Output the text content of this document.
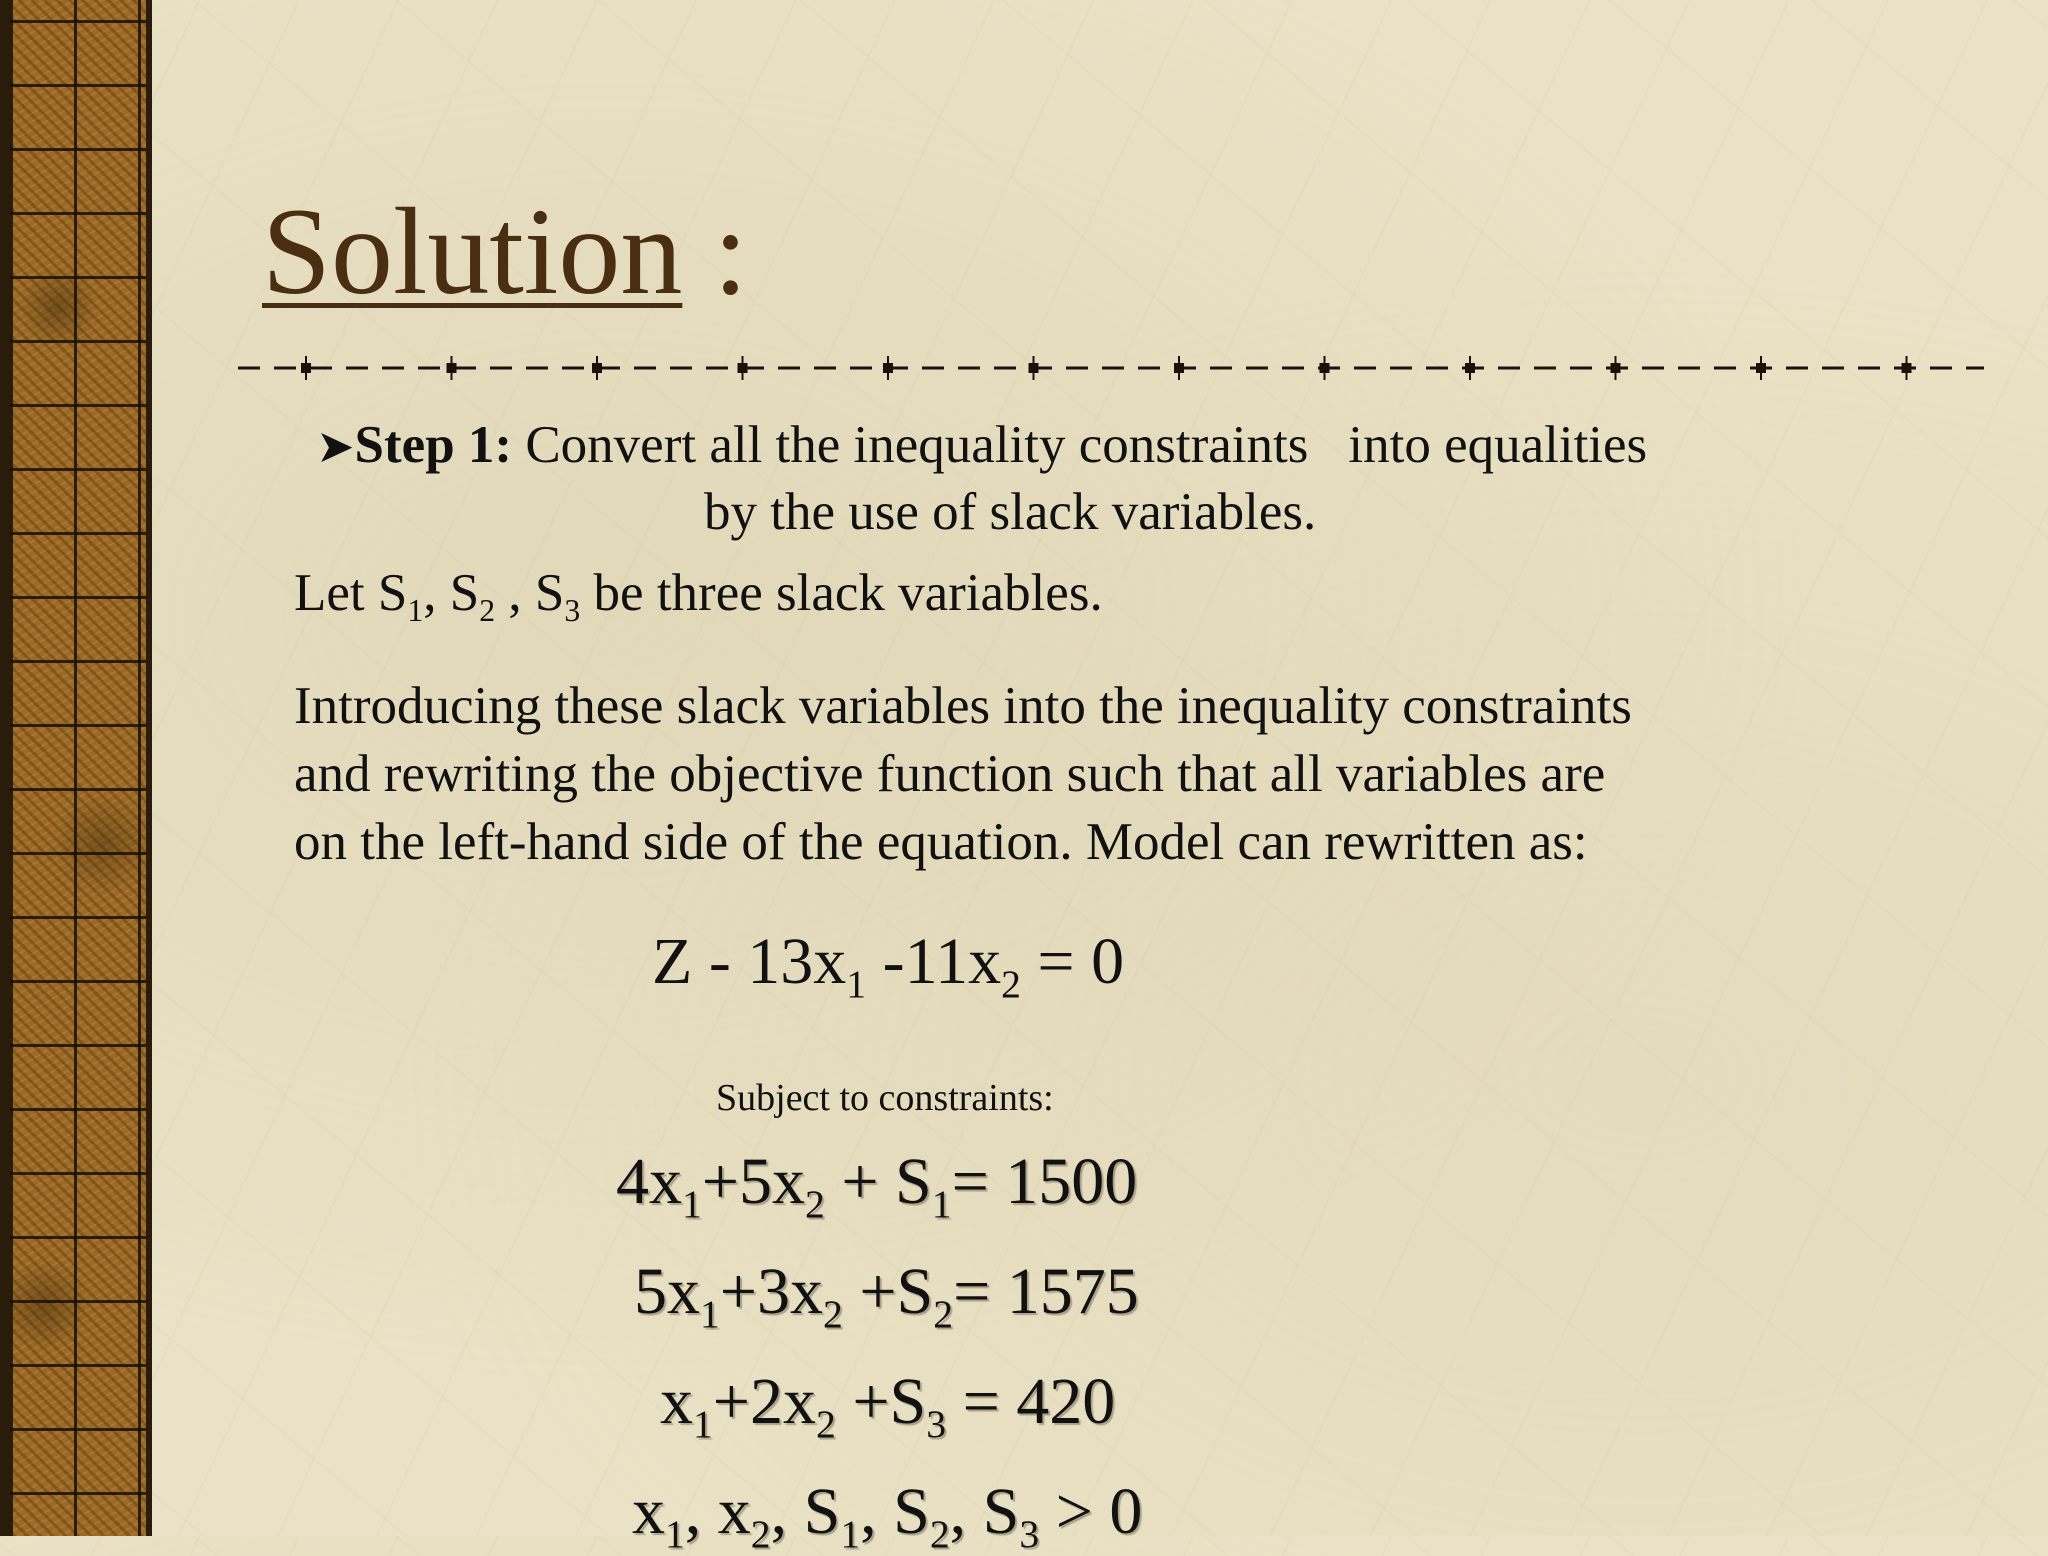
Solution :
➤Step 1: Convert all the inequality constraints into equalities
by the use of slack variables.
Let $S_1$, $S_2$ , $S_3$ be three slack variables.
Introducing these slack variables into the inequality constraints
and rewriting the objective function such that all variables are
on the left-hand side of the equation. Model can rewritten as:
Z - $13x_1$ $-11x_2 = 0$
Subject to constraints:
$4x_1+5x_2 + S_1= 1500$
$5x_1+3x_2 +S_2= 1575$
$x_1+2x_2 +S_3 = 420$
$x_1$, $x_2$, $S_1$, $S_2$, $S_3 > 0$
